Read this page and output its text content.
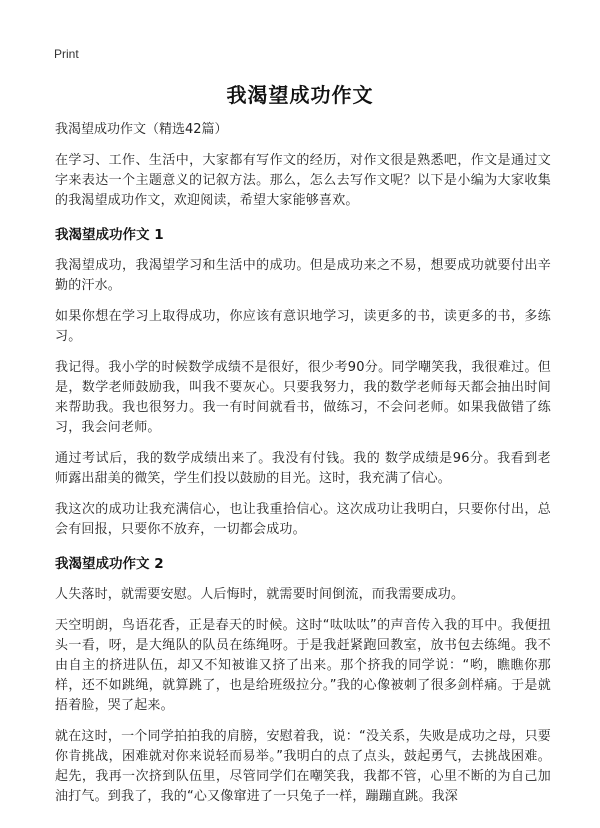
Print
我渴望成功作文
我渴望成功作文（精选42篇）

在学习、工作、生活中，大家都有写作文的经历，对作文很是熟悉吧，作文是通过文字来表达一个主题意义的记叙方法。那么，怎么去写作文呢？以下是小编为大家收集的我渴望成功作文，欢迎阅读，希望大家能够喜欢。

我渴望成功作文 1

我渴望成功，我渴望学习和生活中的成功。但是成功来之不易，想要成功就要付出辛勤的汗水。

如果你想在学习上取得成功，你应该有意识地学习，读更多的书，读更多的书，多练习。

我记得。我小学的时候数学成绩不是很好，很少考90分。同学嘲笑我，我很难过。但是，数学老师鼓励我，叫我不要灰心。只要我努力，我的数学老师每天都会抽出时间来帮助我。我也很努力。我一有时间就看书，做练习，不会问老师。如果我做错了练习，我会问老师。

通过考试后，我的数学成绩出来了。我没有付钱。我的 数学成绩是96分。我看到老师露出甜美的微笑，学生们投以鼓励的目光。这时，我充满了信心。

我这次的成功让我充满信心，也让我重拾信心。这次成功让我明白，只要你付出，总会有回报，只要你不放弃，一切都会成功。

我渴望成功作文 2

人失落时，就需要安慰。人后悔时，就需要时间倒流，而我需要成功。

天空明朗，鸟语花香，正是春天的时候。这时“呔呔呔”的声音传入我的耳中。我便扭头一看，呀，是大绳队的队员在练绳呀。于是我赶紧跑回教室，放书包去练绳。我不由自主的挤进队伍，却又不知被谁又挤了出来。那个挤我的同学说：“哟，瞧瞧你那样，还不如跳绳，就算跳了，也是给班级拉分。”我的心像被刺了很多剑样痛。于是就捂着脸，哭了起来。

就在这时，一个同学拍拍我的肩膀，安慰着我，说：“没关系，失败是成功之母，只要你肯挑战，困难就对你来说轻而易举。”我明白的点了点头，鼓起勇气，去挑战困难。起先，我再一次挤到队伍里，尽管同学们在嘲笑我，我都不管，心里不断的为自己加油打气。到我了，我的“心又像窜进了一只兔子一样，蹦蹦直跳。我深
